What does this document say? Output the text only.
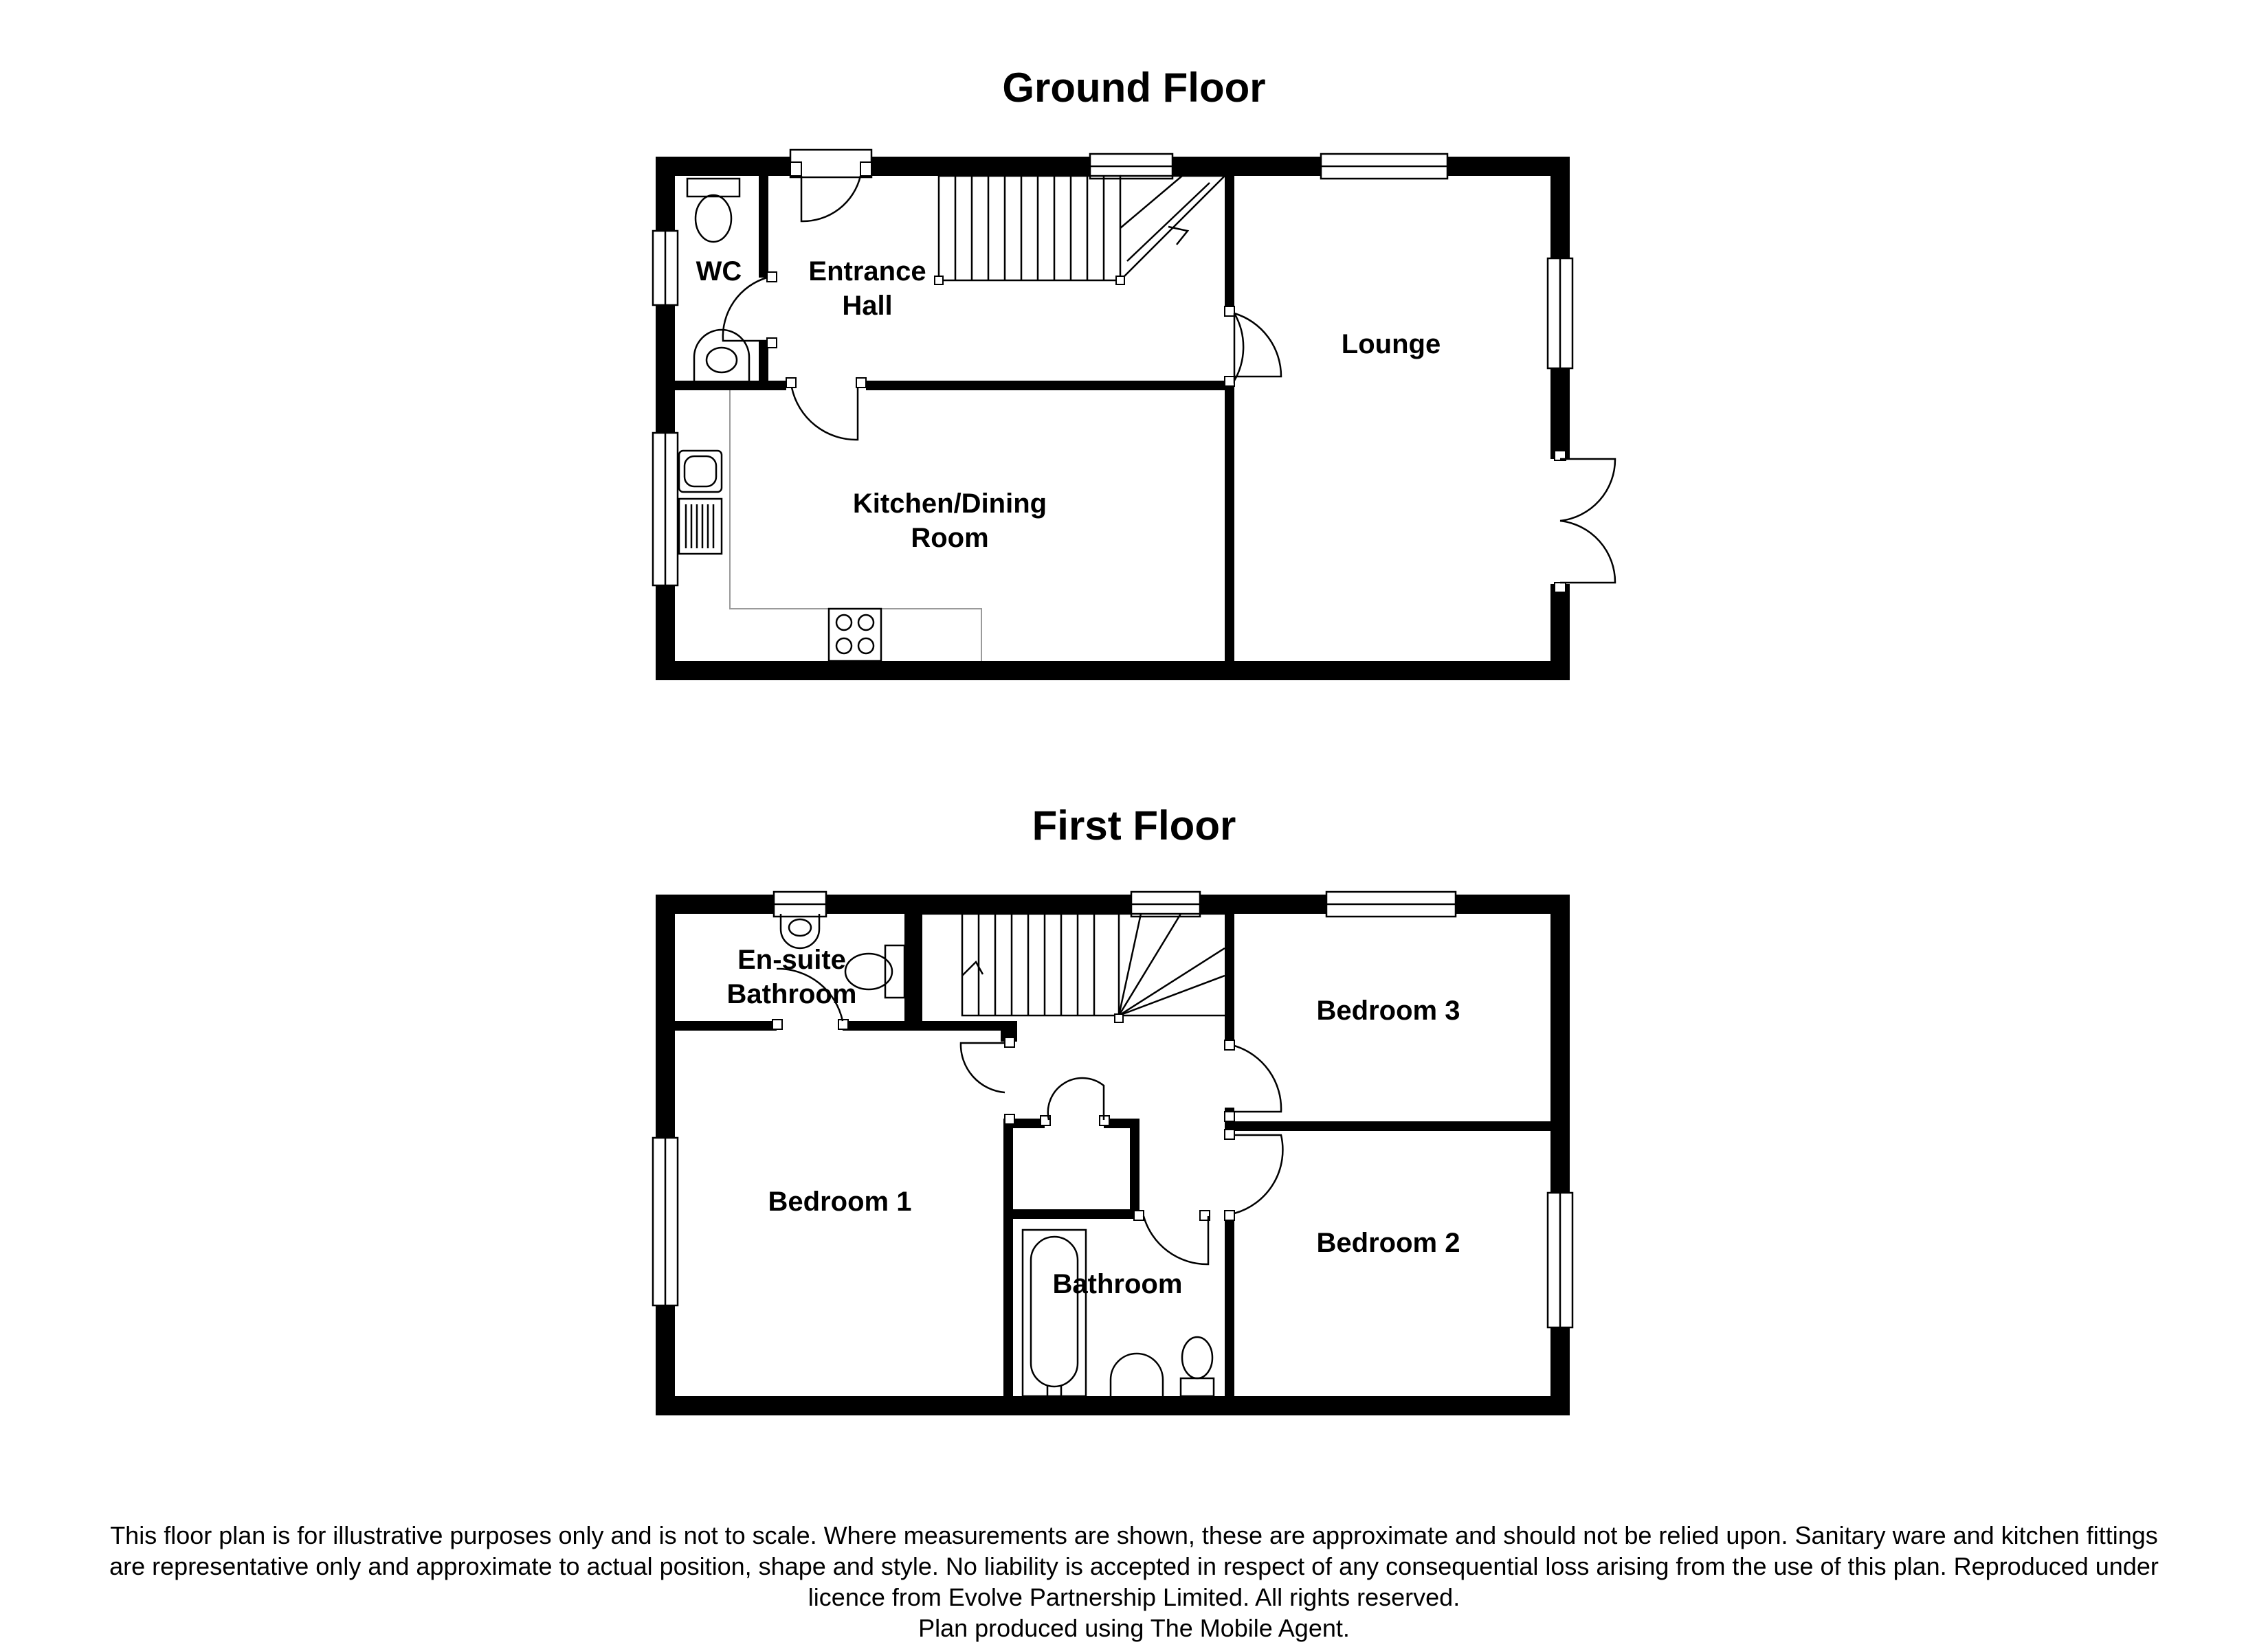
Ground Floor
WC Entrance
Hall
Lounge
Kitchen/Dining
Room
First Floor
En-suite
Bathroom
Bedroom 3
Bedroom 1
Bedroom 2
Bathroom
This floor plan is for illustrative purposes only and is not to scale. Where measurements are shown, these are approximate and should not be relied upon. Sanitary ware and kitchen fittings
are representative only and approximate to actual position, shape and style. No liability is accepted in respect of any consequential loss arising from the use of this plan. Reproduced under
licence from Evolve Partnership Limited. All rights reserved.
Plan produced using The Mobile Agent.
